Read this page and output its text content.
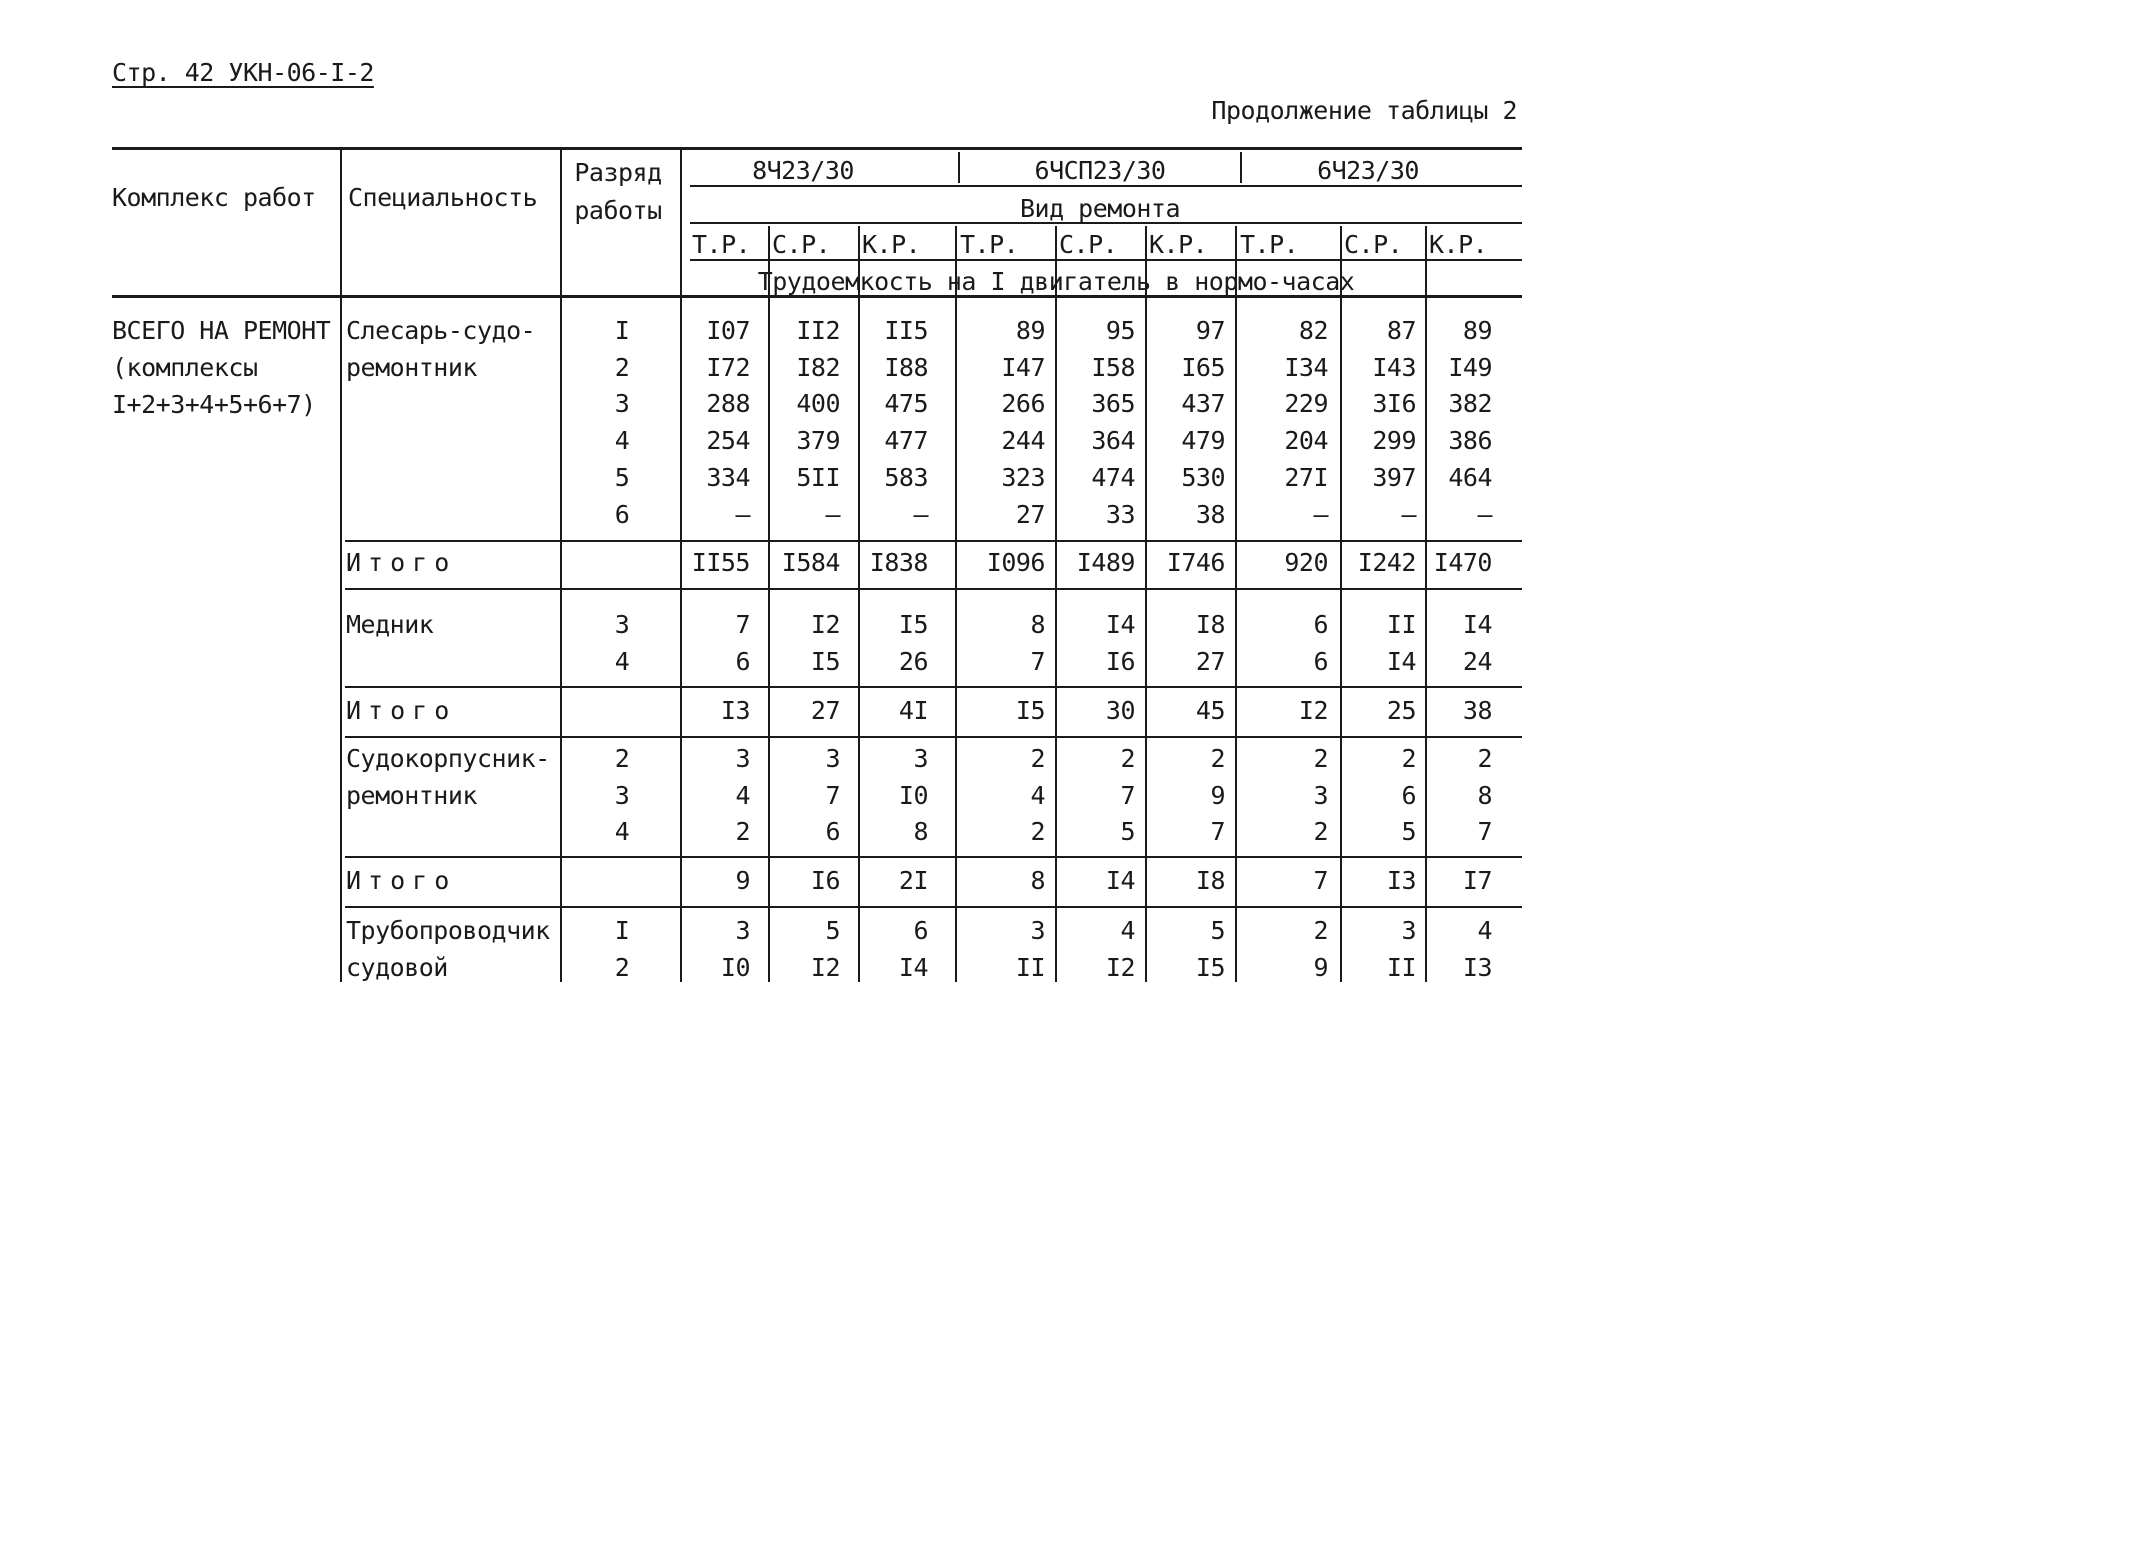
Стр. 42 УКН-06-I-2
Продолжение таблицы 2
Комплекс работ Специальность
Разряд
работы
8Ч23/30	6ЧСП23/30	6Ч23/30
Вид ремонта
Т.Р. С.Р. К.Р. Т.Р. С.Р. К.Р. Т.Р. С.Р. К.Р.
Трудоемкость на I двигатель в нормо-часах
ВСЕГО НА РЕМОНТ
(комплексы
I+2+3+4+5+6+7)
Слесарь-судо-
ремонтник
I	I07 II2 II5	89 95 97	82 87 89
2	I72 I82 I88	I47 I58 I65 I34 I43 I49
3	288 400 475	266 365 437 229 3I6 382
4	254 379 477	244 364 479 204 299 386
5	334 5II 583	323 474 530 27I 397 464
6	–	–	–	27 33 38	–	– –
Итого	II55 I584 I838 I096 I489 I746 920 I242 I470
Медник	3	7 I2 I5	8 I4 I8	6 II I4
4	6 I5 26	7 I6 27	6 I4 24
Итого	I3 27 4I	I5 30 45	I2 25 38
Судокорпусник-
ремонтник
2	3	3	3	2	2	2	2	2 2
3	4	7 I0	4	7	9	3	6 8
4	2	6	8	2	5	7	2	5 7
Итого	9 I6 2I	8 I4 I8	7 I3 I7
Трубопроводчик
судовой
I	3	5	6	3	4	5	2	3 4
2	I0 I2 I4	II I2 I5	9 II I3
